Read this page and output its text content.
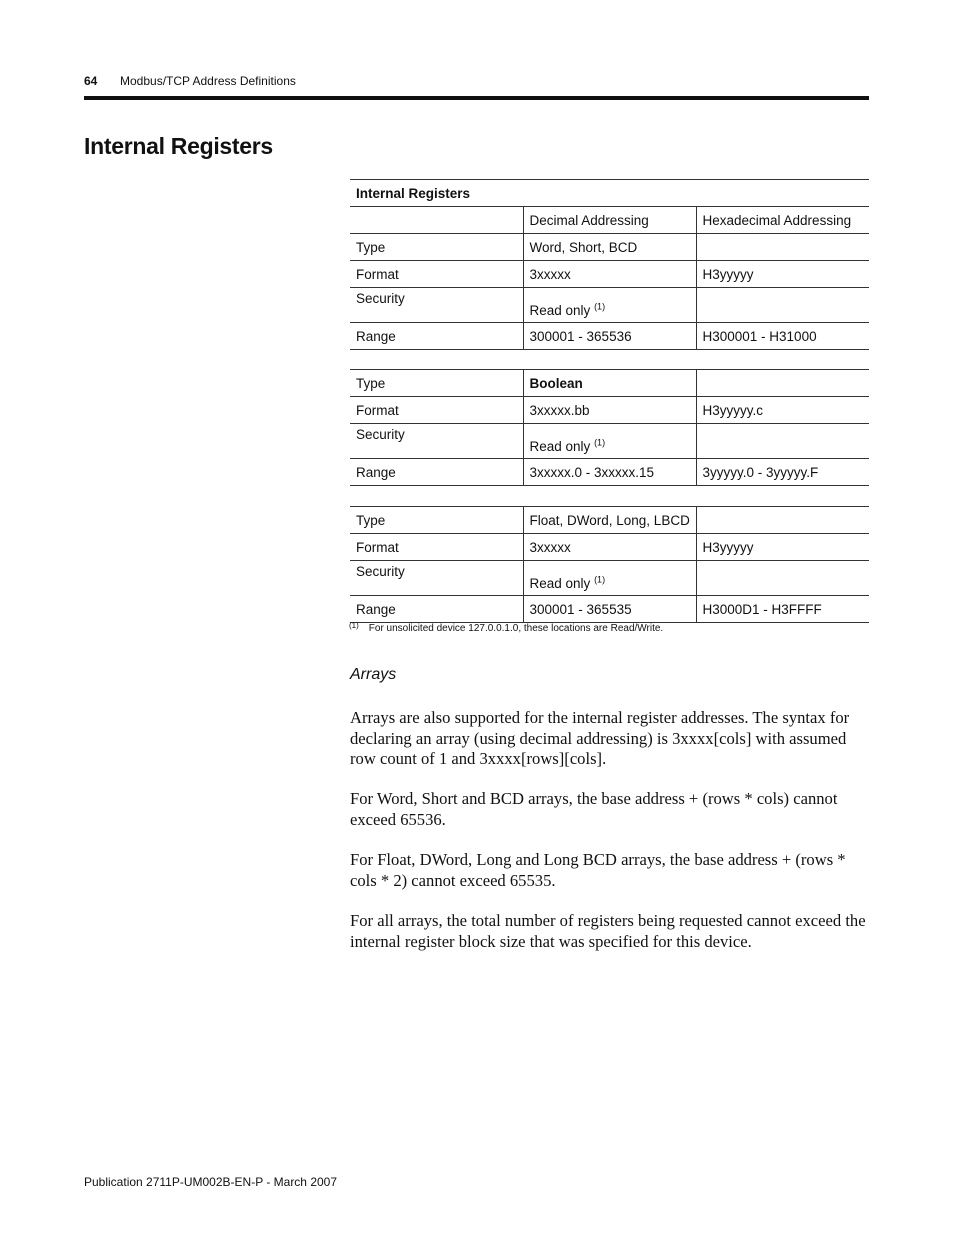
64 Modbus/TCP Address Definitions
Internal Registers
Internal Registers		
	Decimal Addressing	Hexadecimal Addressing
Type	Word, Short, BCD	
Format	3xxxxx	H3yyyyy
Security	Read only $^{(1)}$	
Range	300001 - 365536	H300001 - H31000
Type	Boolean	
Format	3xxxxx.bb	H3yyyyy.c
Security	Read only $^{(1)}$	
Range	3xxxxx.0 - 3xxxxx.15	3yyyyy.0 - 3yyyyy.F
Type	Float, DWord, Long, LBCD	
Format	3xxxxx	H3yyyyy
Security	Read only $^{(1)}$	
Range	300001 - 365535	H3000D1 - H3FFFF
$^{(1)}$ For unsolicited device 127.0.0.1.0, these locations are Read/Write.
Arrays

Arrays are also supported for the internal register addresses. The syntax for declaring an array (using decimal addressing) is 3xxxx[cols] with assumed row count of 1 and 3xxxx[rows][cols].

For Word, Short and BCD arrays, the base address + (rows * cols) cannot exceed 65536.

For Float, DWord, Long and Long BCD arrays, the base address + (rows * cols * 2) cannot exceed 65535.

For all arrays, the total number of registers being requested cannot exceed the internal register block size that was specified for this device.

Publication 2711P-UM002B-EN-P - March 2007
